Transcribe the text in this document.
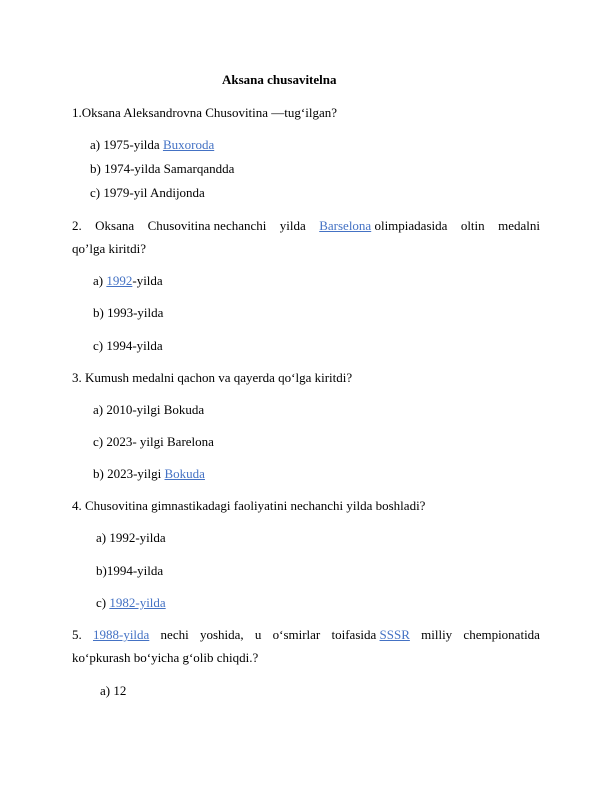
Aksana chusavitelna
1.Oksana Aleksandrovna Chusovitina —tug‘ilgan?
a) 1975-yilda Buxoroda
b) 1974-yilda Samarqandda
c) 1979-yil Andijonda
2. Oksana Chusovitina nechanchi yilda Barselona olimpiadasida oltin medalni
qo’lga kiritdi?
a) 1992-yilda
b) 1993-yilda
c) 1994-yilda
3. Kumush medalni qachon va qayerda qo‘lga kiritdi?
a) 2010-yilgi Bokuda
c) 2023- yilgi Barelona
b) 2023-yilgi Bokuda
4. Chusovitina gimnastikadagi faoliyatini nechanchi yilda boshladi?
a) 1992-yilda
b)1994-yilda
c) 1982-yilda
5. 1988-yilda nechi yoshida, u o‘smirlar toifasida SSSR milliy chempionatida
ko‘pkurash bo‘yicha g‘olib chiqdi.?
a) 12
